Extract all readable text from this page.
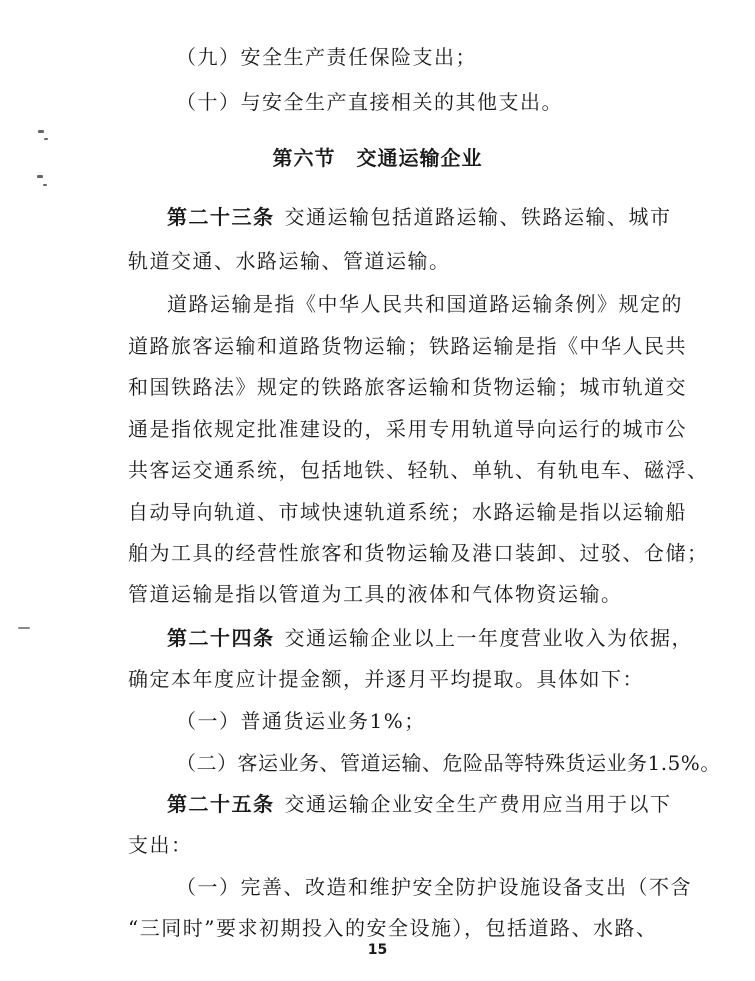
（九）安全生产责任保险支出；
（十）与安全生产直接相关的其他支出。
第六节　交通运输企业
第二十三条 交通运输包括道路运输、铁路运输、城市
轨道交通、水路运输、管道运输。
道路运输是指《中华人民共和国道路运输条例》规定的
道路旅客运输和道路货物运输；铁路运输是指《中华人民共
和国铁路法》规定的铁路旅客运输和货物运输；城市轨道交
通是指依规定批准建设的，采用专用轨道导向运行的城市公
共客运交通系统，包括地铁、轻轨、单轨、有轨电车、磁浮、
自动导向轨道、市域快速轨道系统；水路运输是指以运输船
舶为工具的经营性旅客和货物运输及港口装卸、过驳、仓储；
管道运输是指以管道为工具的液体和气体物资运输。
第二十四条 交通运输企业以上一年度营业收入为依据，
确定本年度应计提金额，并逐月平均提取。具体如下：
（一）普通货运业务1%；
（二）客运业务、管道运输、危险品等特殊货运业务1.5%。
第二十五条 交通运输企业安全生产费用应当用于以下
支出：
（一）完善、改造和维护安全防护设施设备支出（不含
“三同时”要求初期投入的安全设施），包括道路、水路、
15
